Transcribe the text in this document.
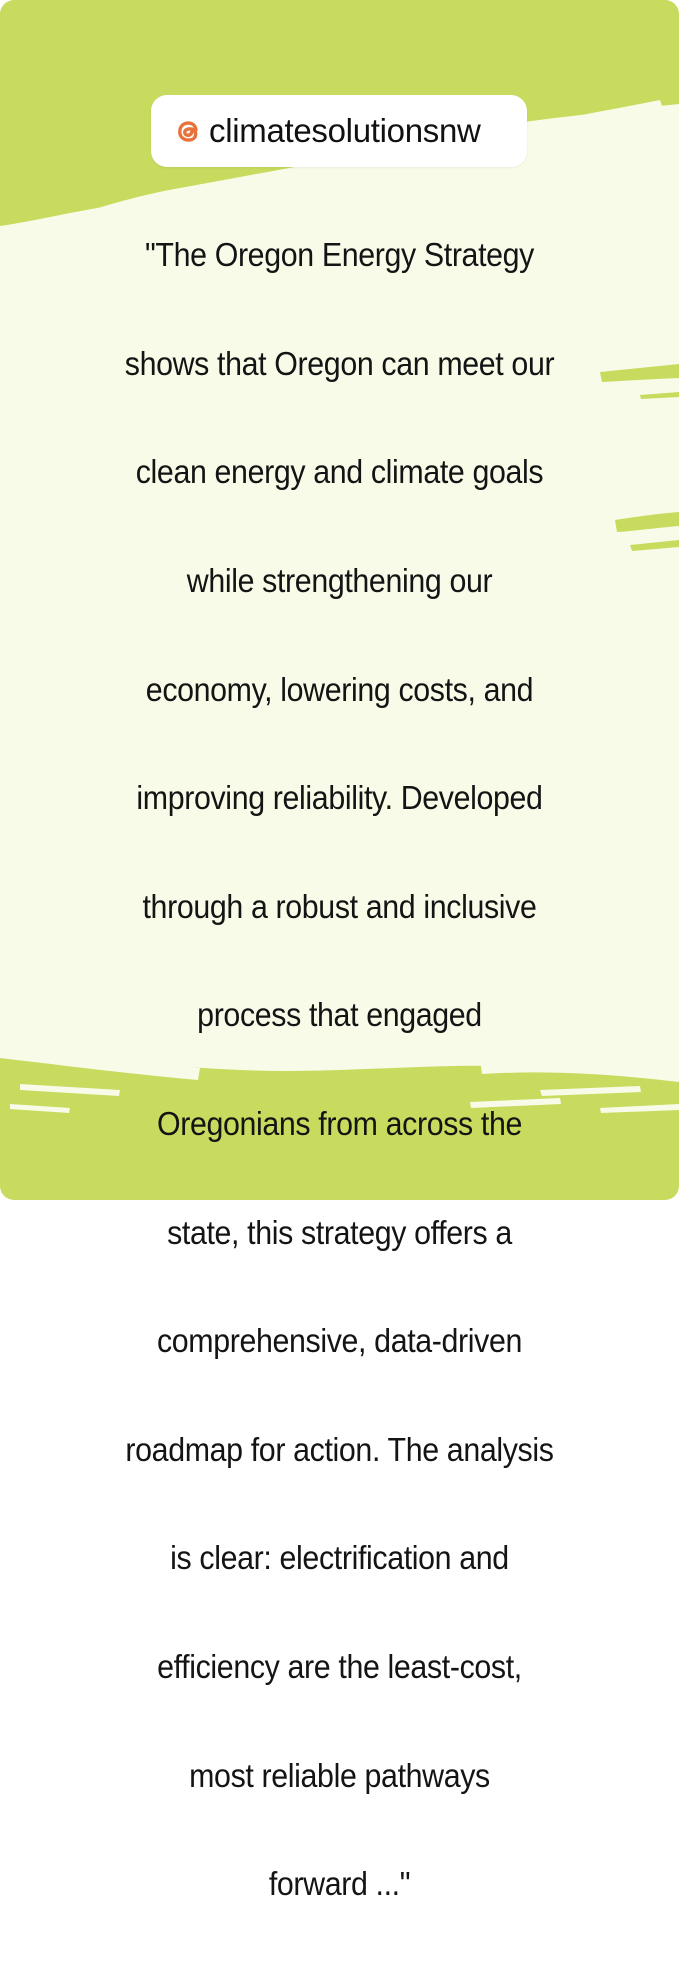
climatesolutionsnw

"The Oregon Energy Strategy

shows that Oregon can meet our

clean energy and climate goals

while strengthening our

economy, lowering costs, and

improving reliability. Developed

through a robust and inclusive

process that engaged

Oregonians from across the

state, this strategy offers a

comprehensive, data-driven

roadmap for action. The analysis

is clear: electrification and

efficiency are the least-cost,

most reliable pathways

forward ..."
